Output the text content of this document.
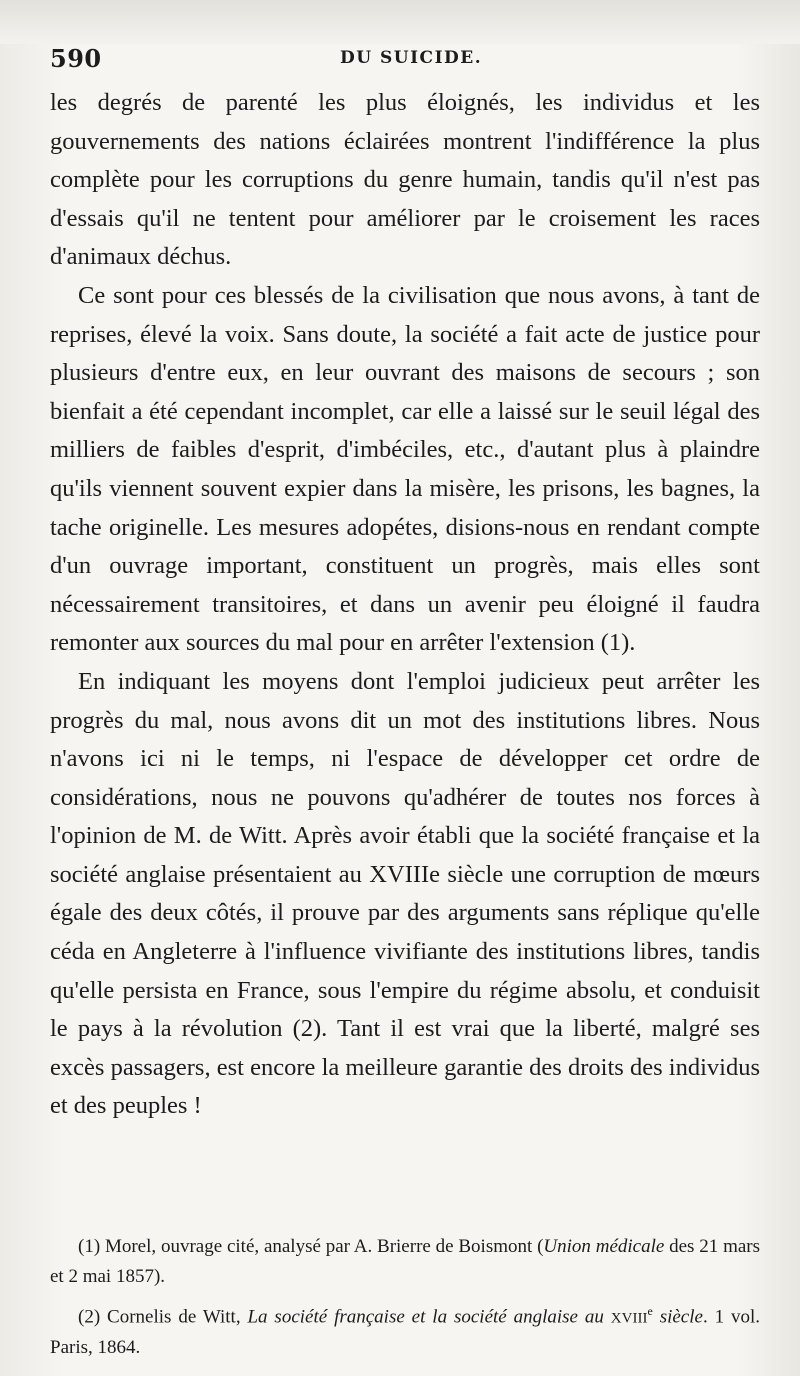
590	DU SUICIDE.

les degrés de parenté les plus éloignés, les individus et les gouvernements des nations éclairées montrent l'indifférence la plus complète pour les corruptions du genre humain, tandis qu'il n'est pas d'essais qu'il ne tentent pour améliorer par le croisement les races d'animaux déchus.

Ce sont pour ces blessés de la civilisation que nous avons, à tant de reprises, élevé la voix. Sans doute, la société a fait acte de justice pour plusieurs d'entre eux, en leur ouvrant des maisons de secours ; son bienfait a été cependant incomplet, car elle a laissé sur le seuil légal des milliers de faibles d'esprit, d'imbéciles, etc., d'autant plus à plaindre qu'ils viennent souvent expier dans la misère, les prisons, les bagnes, la tache originelle. Les mesures adopétes, disions-nous en rendant compte d'un ouvrage important, constituent un progrès, mais elles sont nécessairement transitoires, et dans un avenir peu éloigné il faudra remonter aux sources du mal pour en arrêter l'extension (1).

En indiquant les moyens dont l'emploi judicieux peut arrêter les progrès du mal, nous avons dit un mot des institutions libres. Nous n'avons ici ni le temps, ni l'espace de développer cet ordre de considérations, nous ne pouvons qu'adhérer de toutes nos forces à l'opinion de M. de Witt. Après avoir établi que la société française et la société anglaise présentaient au XVIIIe siècle une corruption de mœurs égale des deux côtés, il prouve par des arguments sans réplique qu'elle céda en Angleterre à l'influence vivifiante des institutions libres, tandis qu'elle persista en France, sous l'empire du régime absolu, et conduisit le pays à la révolution (2). Tant il est vrai que la liberté, malgré ses excès passagers, est encore la meilleure garantie des droits des individus et des peuples !

(1) Morel, ouvrage cité, analysé par A. Brierre de Boismont (Union médicale des 21 mars et 2 mai 1857).

(2) Cornelis de Witt, La société française et la société anglaise au XVIIIe siècle. 1 vol. Paris, 1864.
